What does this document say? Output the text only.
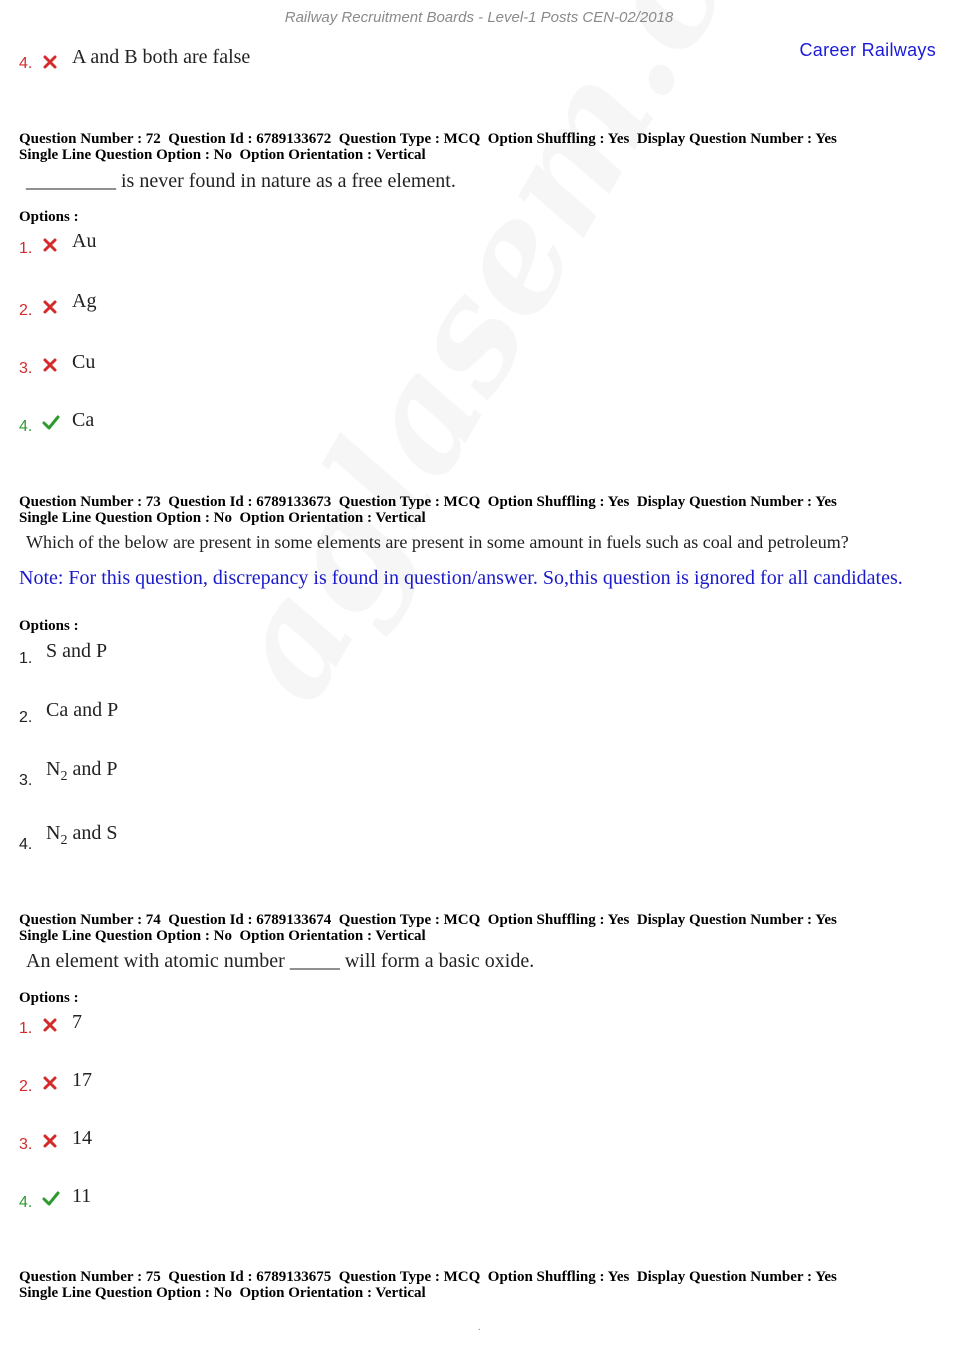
Railway Recruitment Boards - Level-1 Posts CEN-02/2018
Career Railways
4. A and B both are false
Question Number : 72  Question Id : 6789133672  Question Type : MCQ  Option Shuffling : Yes  Display Question Number : Yes
Single Line Question Option : No  Option Orientation : Vertical
_________ is never found in nature as a free element.
Options :
1. Au
2. Ag
3. Cu
4. Ca
Question Number : 73  Question Id : 6789133673  Question Type : MCQ  Option Shuffling : Yes  Display Question Number : Yes
Single Line Question Option : No  Option Orientation : Vertical
Which of the below are present in some elements are present in some amount in fuels such as coal and petroleum?
Note: For this question, discrepancy is found in question/answer. So,this question is ignored for all candidates.
Options :
1. S and P
2. Ca and P
3.
$N_2$ and P
4.
$N_2$ and S
Question Number : 74  Question Id : 6789133674  Question Type : MCQ  Option Shuffling : Yes  Display Question Number : Yes
Single Line Question Option : No  Option Orientation : Vertical
An element with atomic number _____ will form a basic oxide.
Options :
1. 7
2. 17
3. 14
4. 11
Question Number : 75  Question Id : 6789133675  Question Type : MCQ  Option Shuffling : Yes  Display Question Number : Yes
Single Line Question Option : No  Option Orientation : Vertical
.
